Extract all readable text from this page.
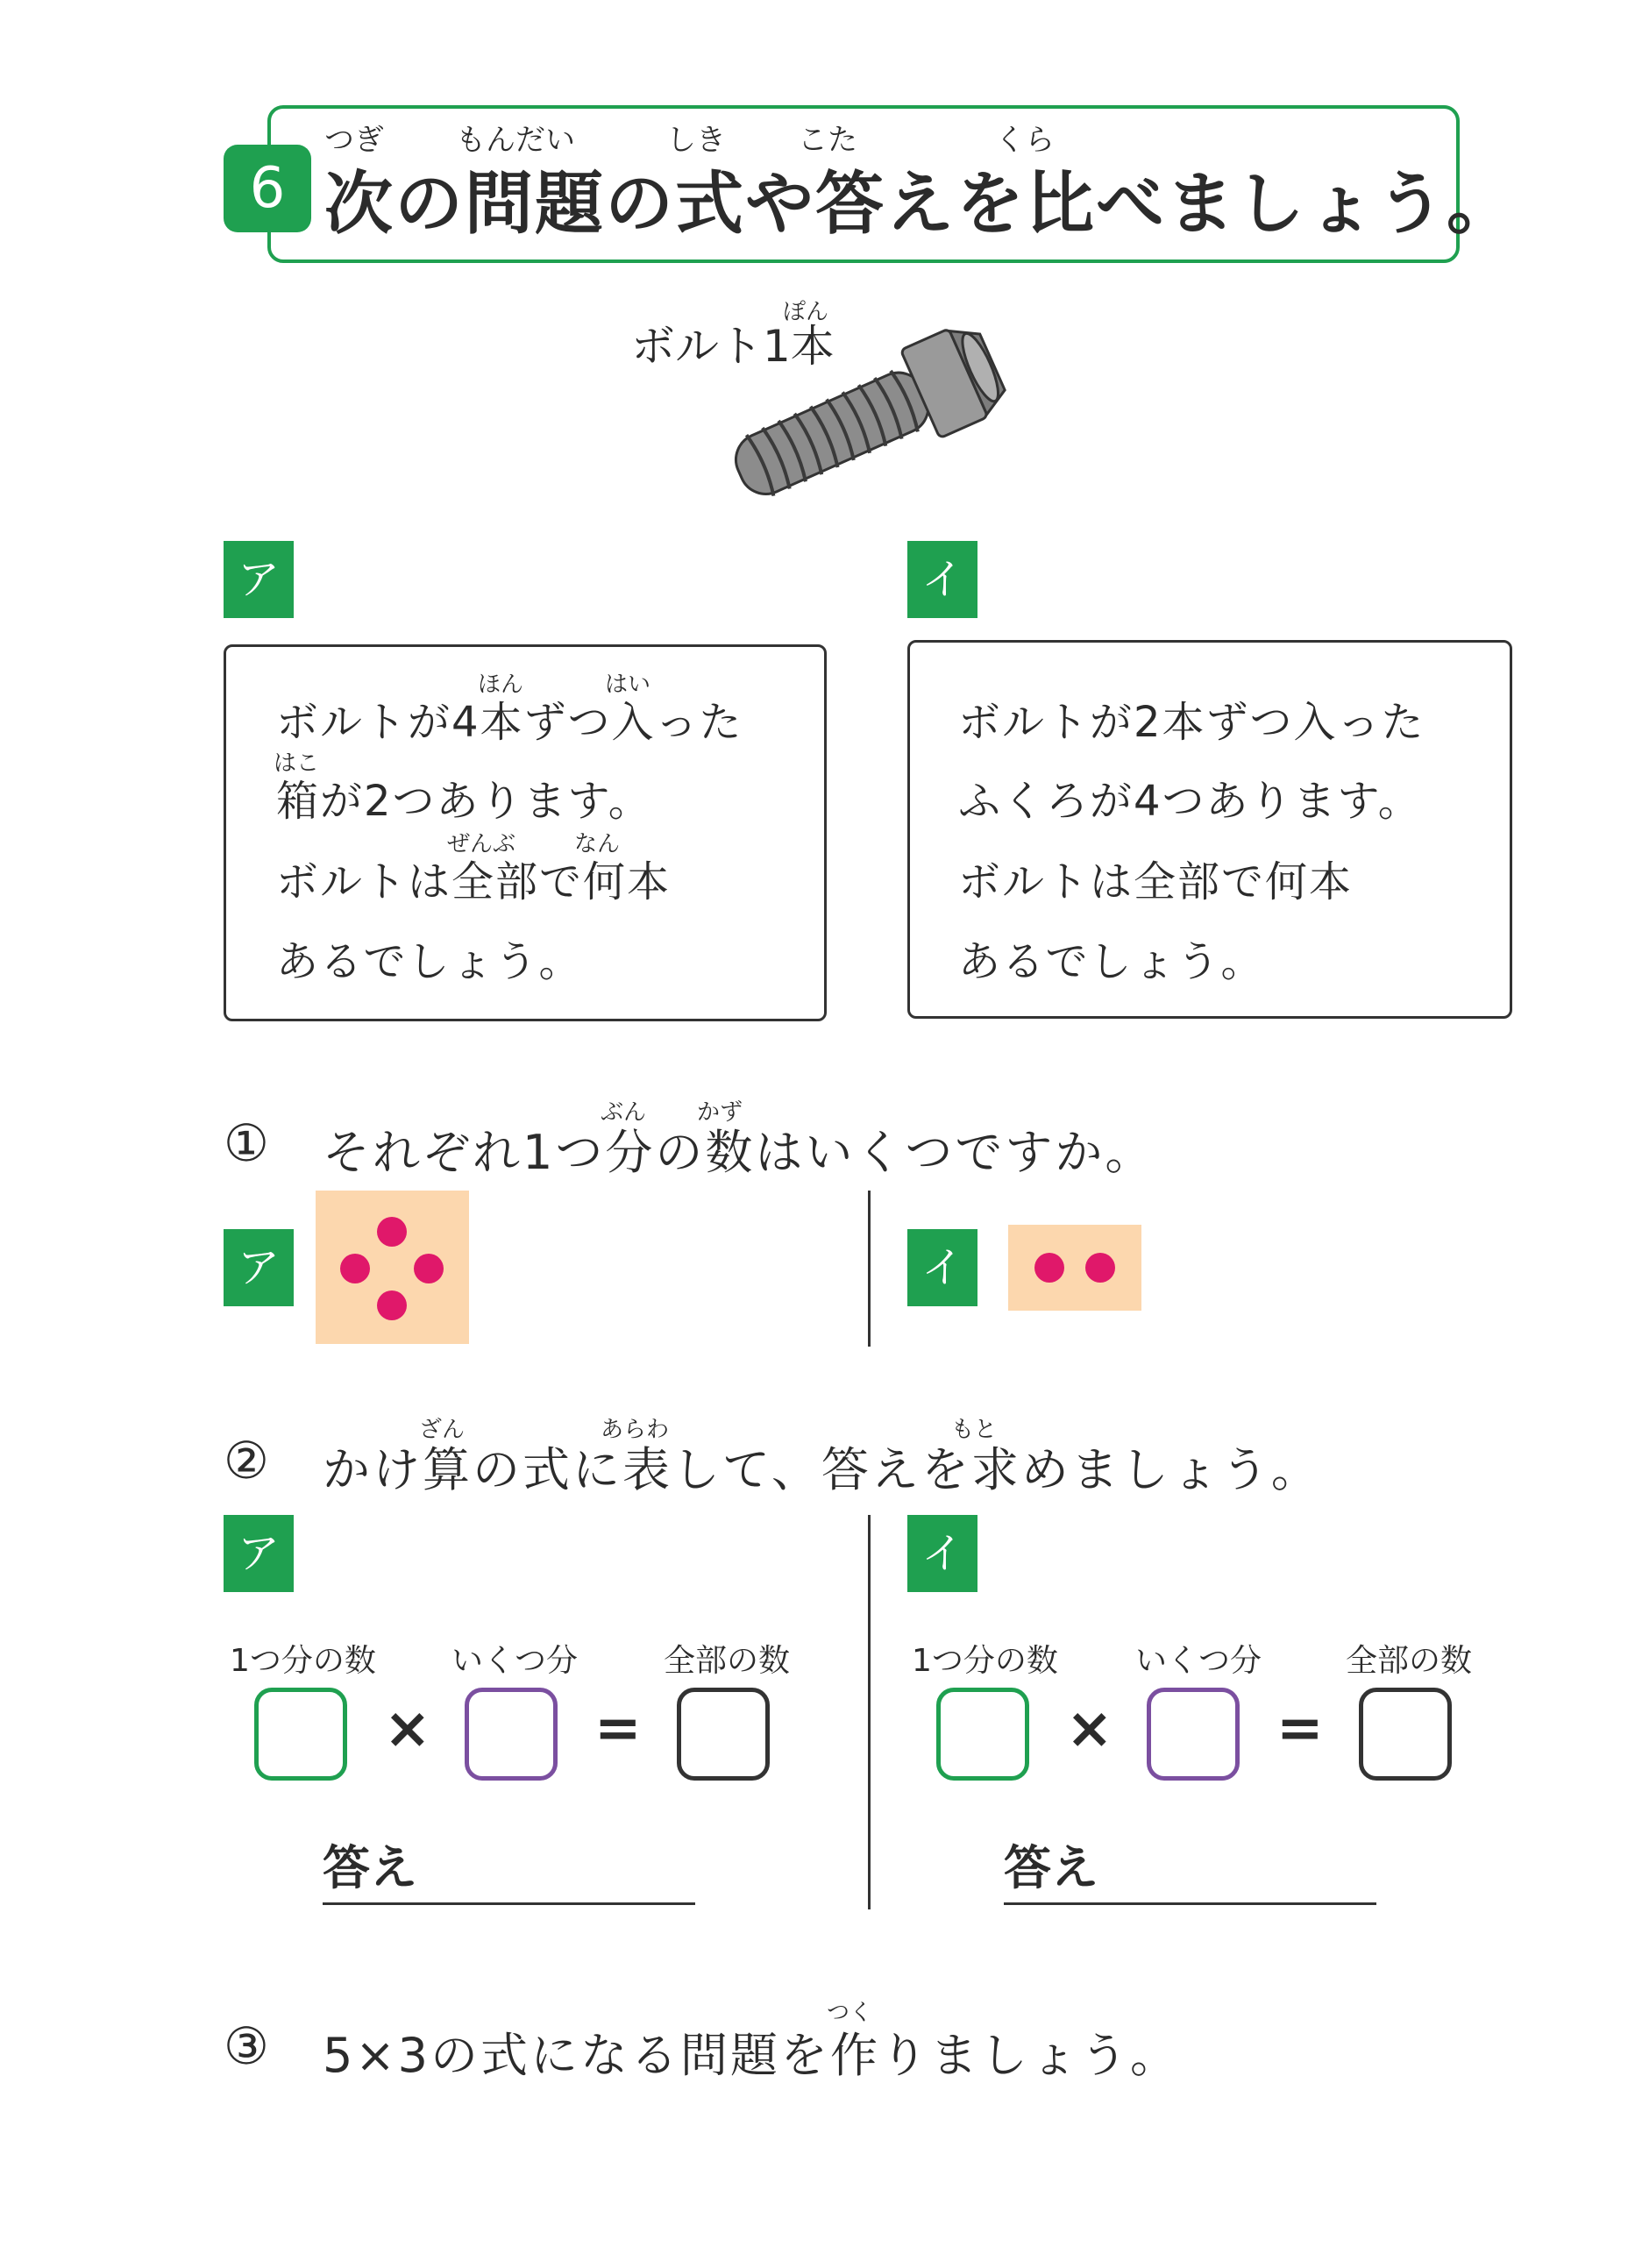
6
つぎ もんだい	しき こた	くら
次の問題の式や答えを比べましょう。
ぽん
ボルト1本
ア	イ
ほん	はい
ボルトが4本ずつ入った
はこ
箱が2つあります。
ぜんぶ	なん
ボルトは全部で何本
あるでしょう。
ボルトが2本ずつ入った
ふくろが4つあります。
ボルトは全部で何本
あるでしょう。
ぶん かず
① それぞれ1つ分の数はいくつですか。
ア	イ
ざん	あらわ	もと
② かけ算の式に表して、答えを求めましょう。
ア
1つ分の数 いくつ分	全部の数
×	=
答え
イ
1つ分の数 いくつ分	全部の数
×	=
答え
つく
③ 5×3の式になる問題を作りましょう。
